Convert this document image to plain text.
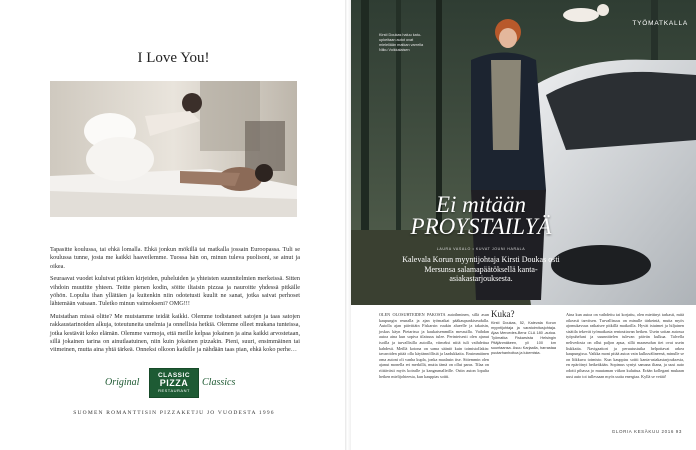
I Love You!

Tapasitte koulussa, tai ehkä lomalla. Ehkä jonkun mökillä tai matkalla jossain Euroopassa. Tuli se koulussa tunne, josta me kaikki haaveilemme. Tuossa hän on, minun tuleva puolisoni, se ainut ja oikea.

Seuraavat vuodet kuluivat pitkien kirjeiden, puheluiden ja yhteisten suunnitelmien merkeissä. Sitten vihdoin muutitte yhteen. Teitte pienen kodin, söitte iltaisin pizzaa ja nauroitte yhdessä pitkälle yöhön. Lopulta ihan yllättäen ja kuitenkin niin odotetusti kuulit ne sanat, jotka saivat perhoset lähtemään vatsaan. Tuletko minun vaimokseni? OMG!!!

Muistathan missä olitte? Me muistamme teidät kaikki. Olemme todistaneet satojen ja taas satojen rakkaustarinoiden alkuja, toteutuneita unelmia ja onnellisia hetkiä. Olemme olleet mukana tunteissa, jotka kestävät koko elämän. Olemme varmoja, että meille kelpaa jokainen ja aina kaikki arvostetaan, sillä jokainen tarina on ainutlaatuinen, niin kuin jokainen pizzakin. Pieni, suuri, ensimmäinen tai viimeinen, mutta aina yhtä tärkeä. Onneksi olkoon kaikille ja nähdään taas pian, ehkä koko perhe…

Original
CLASSIC
PIZZA
RESTAURANT
Classics
SUOMEN ROMANTTISIN PIZZAKETJU JO VUODESTA 1996
TYÖMATKALLA
Kirsti Doukas haluu katu-upkeitaan autot ovat mielellään matkan varrella Niiku Voikkalaisen
Ei mitään
PROYSTAILYÄ
LAURA VASALO • KUVAT JOUNI HARALA
Kalevala Korun myyntijohtaja Kirsti Doukas osti Mersunsa salamapäätöksellä kanta-asiakastarjouksesta.
OLEN OLOSUHTEIDEN PAKOSTA autoihminen, sillä asun kaupungin reunalla ja ajan työmatkat pääkaupunkiseudulla. Autolla ajan päivittäin Fiskarsin ruukin alueelle ja takaisin, joskus käyn Pietarissa ja kaukaisemmilla messuilla. Vaihdan autoa aina kun sopiva tilaisuus tulee. Perinteisesti olen ajanut isoilla ja turvallisilla autoilla, viimeksi niitä tuli vaihdettua kahdesti. Meillä kotona on sama sääntö kuin toimistollakin: tavaroiden pitää olla käytännöllisiä ja laadukkaita. Ensimmäinen oma autoni oli vanha kupla, jonka maalasin itse. Sittemmin olen ajanut monella eri merkillä, mutta tämä on ollut paras. Tilaa on riittävästi myös koiralle ja kangasmalleille. Ostin auton lopulta hetken mielijohteesta, kun kauppias soitti.
Kuka?
Kirsti Doukas, 52, Kalevala Korun myyntijohtaja ja varatoimitusjohtaja. Ajaa Mercedes-Benz CLA 180 -autoa. Työmatka Fiskarsista Helsingin Pitäjänmäkeen, yli 100 km suuntaansa. Asuu Karjaalla, harrastaa puutarhanhoitoa ja lukemista.
Aina kun autoa on vaihdettu tai korjattu, olen miettinyt tarkasti, mitä oikeasti tarvitsen. Turvallisuus on minulle tärkeintä, mutta myös ajomukavuus ratkaisee pitkillä matkoilla. Hyvät istuimet ja hiljainen sisätila tekevät työmatkasta rentouttavan hetken. Usein soitan autossa työpuheluni ja suunnittelen tulevan päivän kulkua. Talvella nelivedosta on ollut paljon apua, sillä maaseudun tiet ovat usein liukkaita. Navigaattori ja peruutustutka helpottavat arkea kaupungissa. Vaikka moni pitää autoa vain kulkuvälineenä, minulle se on liikkuva toimisto. Kun kauppias soitti kanta-asiakastarjouksesta, en epäröinyt hetkeäkään. Sopimus syntyi samana iltana, ja uusi auto odotti pihassa jo muutaman viikon kuluttua. Erään kollegani mukaan uusi auto toi tullessaan myös uutta energiaa. Kyllä se vetää!
GLORIA KESÄKUU 2016 93
